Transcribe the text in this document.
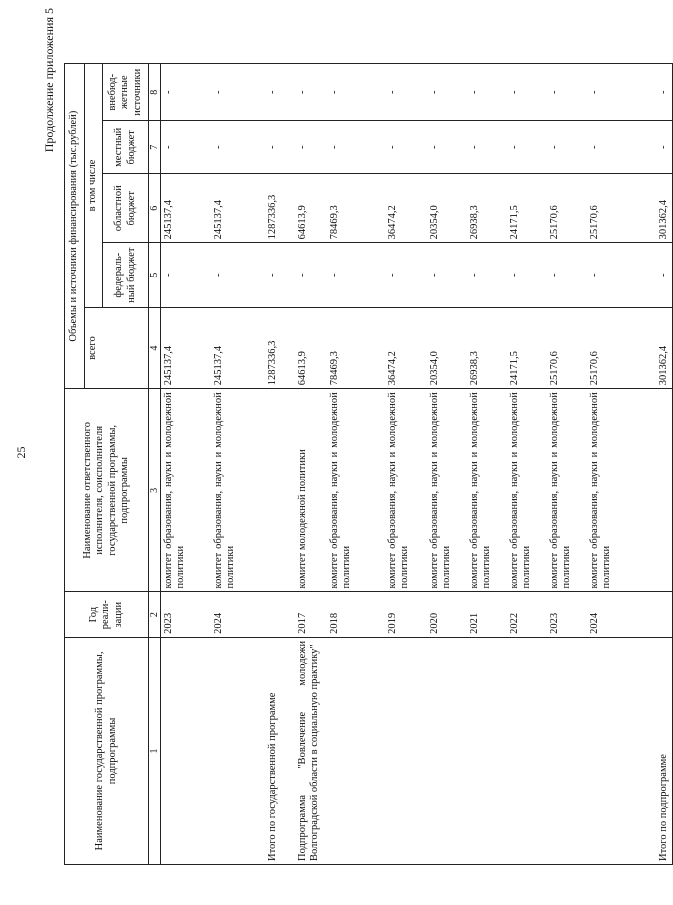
25
Продолжение приложения 5
Наименование государственной программы, подпрограммы	Год реали-зации	Наименование ответственного исполнителя, соисполнителя государственной программы, подпрограммы	Объемы и источники финансирования (тыс.рублей)				
			всего	в том числе			
				федераль-ный бюджет	областной бюджет	местный бюджет	внебюд-жетные источники
1	2	3	4	5	6	7	8
	2023	комитет образования, науки и молодежной политики	245137,4	-	245137,4	-	-
	2024	комитет образования, науки и молодежной политики	245137,4	-	245137,4	-	-
Итого по государственной программе			1287336,3	-	1287336,3	-	-
Подпрограмма "Вовлечение молодежи Волгоградской области в социальную практику"	2017	комитет молодежной политики	64613,9	-	64613,9	-	-
	2018	комитет образования, науки и молодежной политики	78469,3	-	78469,3	-	-
	2019	комитет образования, науки и молодежной политики	36474,2	-	36474,2	-	-
	2020	комитет образования, науки и молодежной политики	20354,0	-	20354,0	-	-
	2021	комитет образования, науки и молодежной политики	26938,3	-	26938,3	-	-
	2022	комитет образования, науки и молодежной политики	24171,5	-	24171,5	-	-
	2023	комитет образования, науки и молодежной политики	25170,6	-	25170,6	-	-
	2024	комитет образования, науки и молодежной политики	25170,6	-	25170,6	-	-
Итого по подпрограмме			301362,4	-	301362,4	-	-
